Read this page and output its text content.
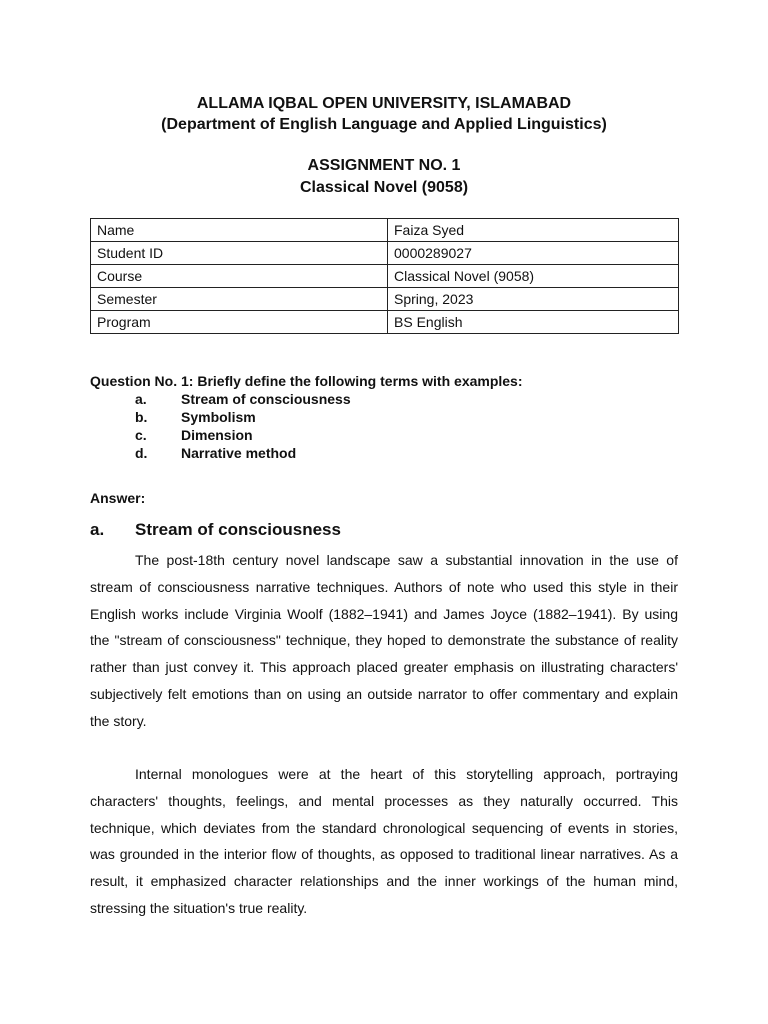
ALLAMA IQBAL OPEN UNIVERSITY, ISLAMABAD
(Department of English Language and Applied Linguistics)
ASSIGNMENT NO. 1
Classical Novel (9058)
Name	Faiza Syed
Student ID	0000289027
Course	Classical Novel (9058)
Semester	Spring, 2023
Program	BS English
Question No. 1: Briefly define the following terms with examples:
a.	Stream of consciousness
b.	Symbolism
c.	Dimension
d.	Narrative method
Answer:
a.	Stream of consciousness

The post-18th century novel landscape saw a substantial innovation in the use of stream of consciousness narrative techniques. Authors of note who used this style in their English works include Virginia Woolf (1882–1941) and James Joyce (1882–1941). By using the "stream of consciousness" technique, they hoped to demonstrate the substance of reality rather than just convey it. This approach placed greater emphasis on illustrating characters' subjectively felt emotions than on using an outside narrator to offer commentary and explain the story.

Internal monologues were at the heart of this storytelling approach, portraying characters' thoughts, feelings, and mental processes as they naturally occurred. This technique, which deviates from the standard chronological sequencing of events in stories, was grounded in the interior flow of thoughts, as opposed to traditional linear narratives. As a result, it emphasized character relationships and the inner workings of the human mind, stressing the situation's true reality.
